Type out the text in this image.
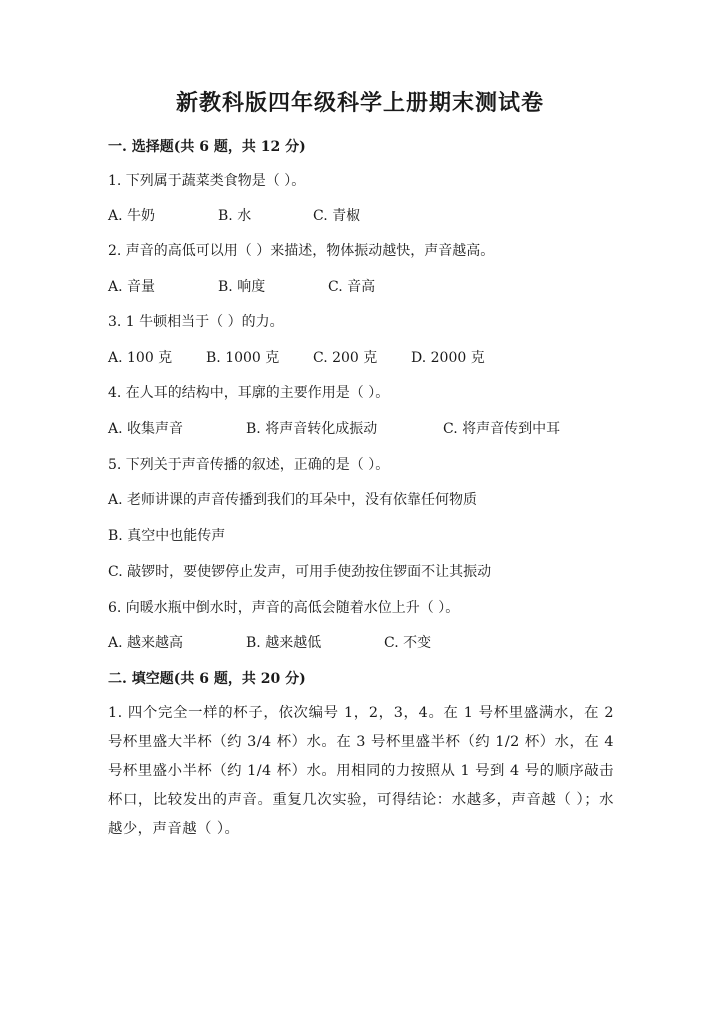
新教科版四年级科学上册期末测试卷
一. 选择题(共 6 题，共 12 分)
1. 下列属于蔬菜类食物是（ ）。
A. 牛奶	B. 水	C. 青椒
2. 声音的高低可以用（ ）来描述，物体振动越快，声音越高。
A. 音量	B. 响度	C. 音高
3. 1 牛顿相当于（ ）的力。
A. 100 克 B. 1000 克 C. 200 克 D. 2000 克
4. 在人耳的结构中，耳廓的主要作用是（ ）。
A. 收集声音	B. 将声音转化成振动	C. 将声音传到中耳
5. 下列关于声音传播的叙述，正确的是（ ）。
A. 老师讲课的声音传播到我们的耳朵中，没有依靠任何物质
B. 真空中也能传声
C. 敲锣时，要使锣停止发声，可用手使劲按住锣面不让其振动
6. 向暖水瓶中倒水时，声音的高低会随着水位上升（ ）。
A. 越来越高	B. 越来越低	C. 不变
二. 填空题(共 6 题，共 20 分)
1. 四个完全一样的杯子，依次编号 1，2，3，4。在 1 号杯里盛满水，在 2 号杯里盛大半杯（约 3/4 杯）水。在 3 号杯里盛半杯（约 1/2 杯）水，在 4 号杯里盛小半杯（约 1/4 杯）水。用相同的力按照从 1 号到 4 号的顺序敲击杯口，比较发出的声音。重复几次实验，可得结论：水越多，声音越（ ）；水越少，声音越（ ）。
